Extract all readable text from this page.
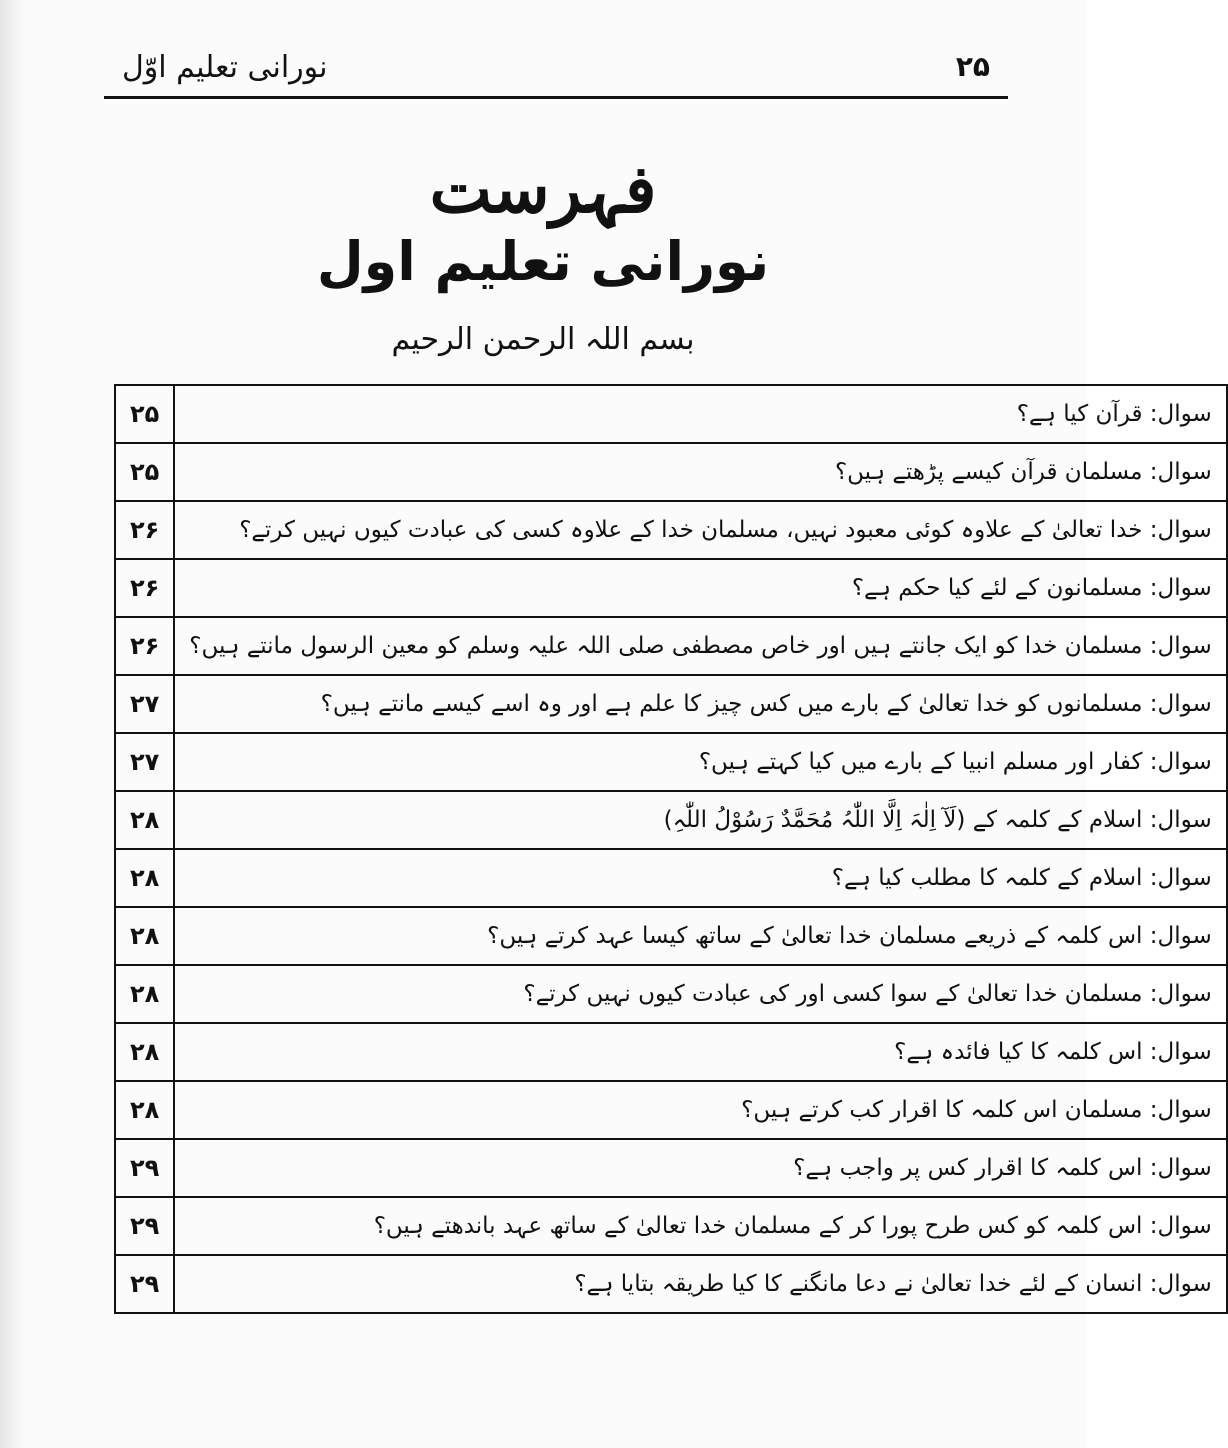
نورانی تعلیم اوّل	۲۵
فہرست
نورانی تعلیم اول
بسم اللہ الرحمن الرحیم
سوال: قرآن کیا ہے؟	۲۵
سوال: مسلمان قرآن کیسے پڑھتے ہیں؟	۲۵
سوال: خدا تعالیٰ کے علاوہ کوئی معبود نہیں، مسلمان خدا کے علاوہ کسی کی عبادت کیوں نہیں کرتے؟	۲۶
سوال: مسلمانون کے لئے کیا حکم ہے؟	۲۶
سوال: مسلمان خدا کو ایک جانتے ہیں اور خاص مصطفی صلی اللہ علیہ وسلم کو معین الرسول مانتے ہیں؟	۲۶
سوال: مسلمانوں کو خدا تعالیٰ کے بارے میں کس چیز کا علم ہے اور وہ اسے کیسے مانتے ہیں؟	۲۷
سوال: کفار اور مسلم انبیا کے بارے میں کیا کہتے ہیں؟	۲۷
سوال: اسلام کے کلمہ کے (لَآ اِلٰہَ اِلَّا اللّٰہُ مُحَمَّدٌ رَسُوْلُ اللّٰہِ)	۲۸
سوال: اسلام کے کلمہ کا مطلب کیا ہے؟	۲۸
سوال: اس کلمہ کے ذریعے مسلمان خدا تعالیٰ کے ساتھ کیسا عہد کرتے ہیں؟	۲۸
سوال: مسلمان خدا تعالیٰ کے سوا کسی اور کی عبادت کیوں نہیں کرتے؟	۲۸
سوال: اس کلمہ کا کیا فائدہ ہے؟	۲۸
سوال: مسلمان اس کلمہ کا اقرار کب کرتے ہیں؟	۲۸
سوال: اس کلمہ کا اقرار کس پر واجب ہے؟	۲۹
سوال: اس کلمہ کو کس طرح پورا کر کے مسلمان خدا تعالیٰ کے ساتھ عہد باندھتے ہیں؟	۲۹
سوال: انسان کے لئے خدا تعالیٰ نے دعا مانگنے کا کیا طریقہ بتایا ہے؟	۲۹
